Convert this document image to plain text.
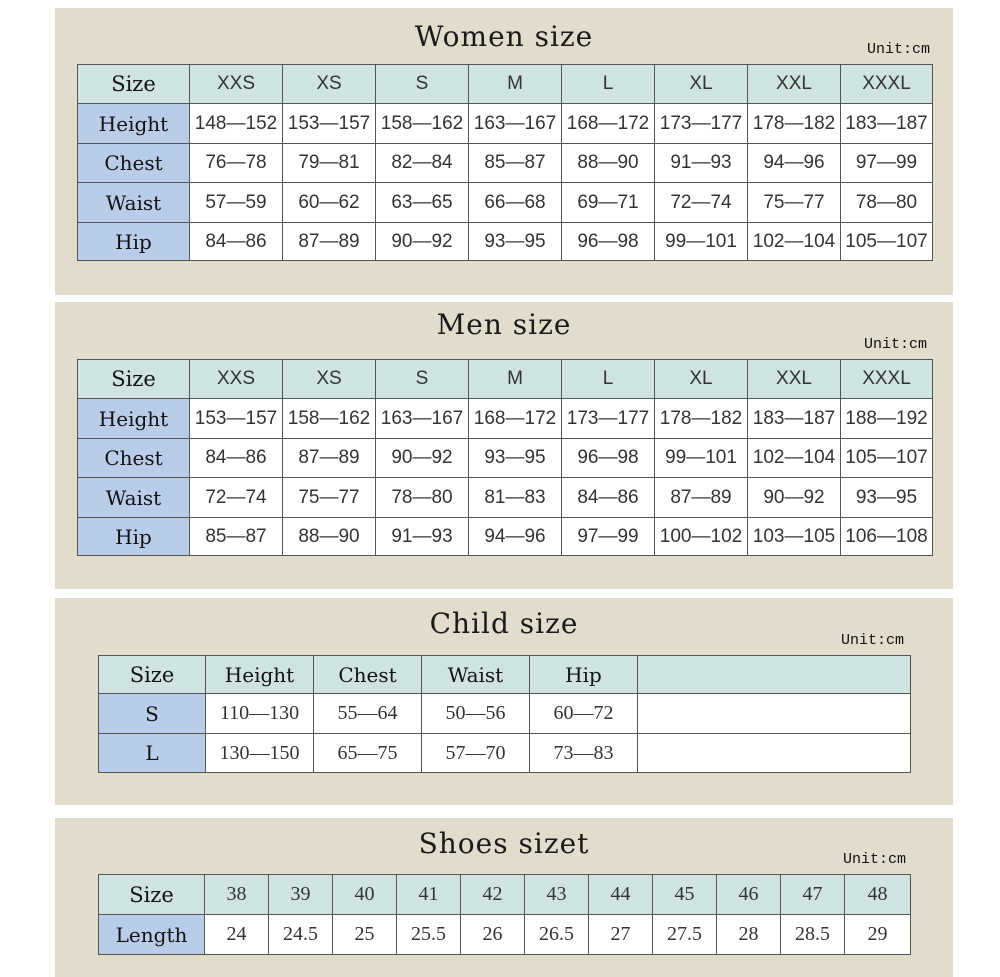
Women size	Unit:cm
Size	XXS	XS	S	M	L	XL	XXL	XXXL
Height	148—152	153—157	158—162	163—167	168—172	173—177	178—182	183—187
Chest	76—78	79—81	82—84	85—87	88—90	91—93	94—96	97—99
Waist	57—59	60—62	63—65	66—68	69—71	72—74	75—77	78—80
Hip	84—86	87—89	90—92	93—95	96—98	99—101	102—104	105—107
Men size
Unit:cm
Size	XXS	XS	S	M	L	XL	XXL	XXXL
Height	153—157	158—162	163—167	168—172	173—177	178—182	183—187	188—192
Chest	84—86	87—89	90—92	93—95	96—98	99—101	102—104	105—107
Waist	72—74	75—77	78—80	81—83	84—86	87—89	90—92	93—95
Hip	85—87	88—90	91—93	94—96	97—99	100—102	103—105	106—108
Child size
Unit:cm
Size	Height	Chest	Waist	Hip	
S	110—130	55—64	50—56	60—72	
L	130—150	65—75	57—70	73—83	
Shoes sizet	Unit:cm
Size	38	39	40	41	42	43	44	45	46	47	48
Length	24	24.5	25	25.5	26	26.5	27	27.5	28	28.5	29
